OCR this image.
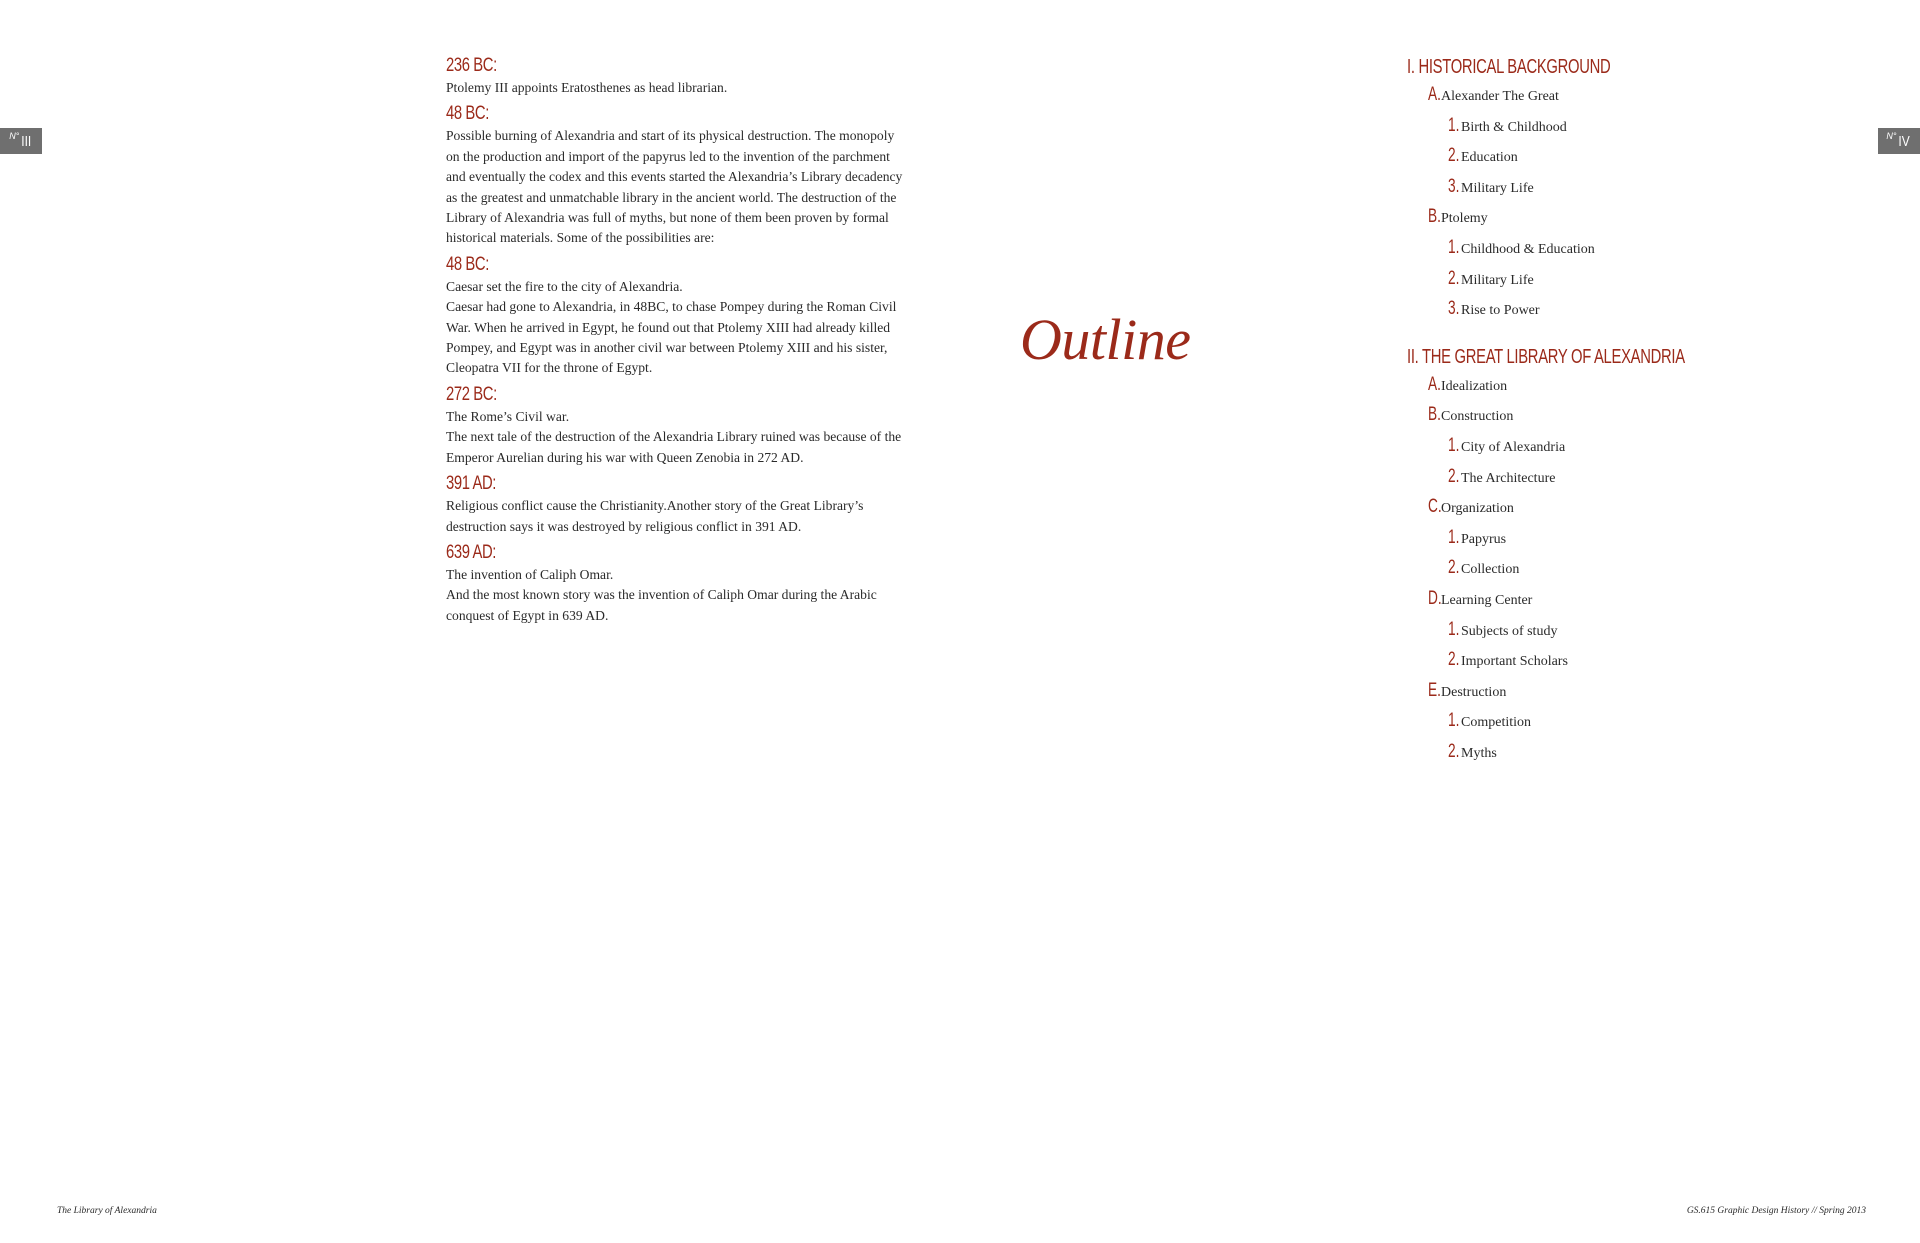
N° III	N° IV
236 BC:

Ptolemy III appoints Eratosthenes as head librarian.

48 BC:

Possible burning of Alexandria and start of its physical destruction. The monopoly on the production and import of the papyrus led to the invention of the parchment and eventually the codex and this events started the Alexandria’s Library decadency as the greatest and unmatchable library in the ancient world. The destruction of the Library of Alexandria was full of myths, but none of them been proven by formal historical materials. Some of the possibilities are:

48 BC:

Caesar set the fire to the city of Alexandria.

Caesar had gone to Alexandria, in 48BC, to chase Pompey during the Roman Civil War. When he arrived in Egypt, he found out that Ptolemy XIII had already killed Pompey, and Egypt was in another civil war between Ptolemy XIII and his sister, Cleopatra VII for the throne of Egypt.

272 BC:

The Rome’s Civil war.

The next tale of the destruction of the Alexandria Library ruined was because of the Emperor Aurelian during his war with Queen Zenobia in 272 AD.

391 AD:

Religious conflict cause the Christianity.Another story of the Great Library’s destruction says it was destroyed by religious conflict in 391 AD.

639 AD:

The invention of Caliph Omar.

And the most known story was the invention of Caliph Omar during the Arabic conquest of Egypt in 639 AD.

Outline
I. HISTORICAL BACKGROUND
A.Alexander The Great
1. Birth & Childhood
2. Education
3. Military Life
B.Ptolemy
1. Childhood & Education
2. Military Life
3. Rise to Power
II. THE GREAT LIBRARY OF ALEXANDRIA
A.Idealization
B.Construction
1. City of Alexandria
2. The Architecture
C.Organization
1. Papyrus
2. Collection
D.Learning Center
1. Subjects of study
2. Important Scholars
E.Destruction
1. Competition
2. Myths
The Library of Alexandria	GS.615 Graphic Design History // Spring 2013
